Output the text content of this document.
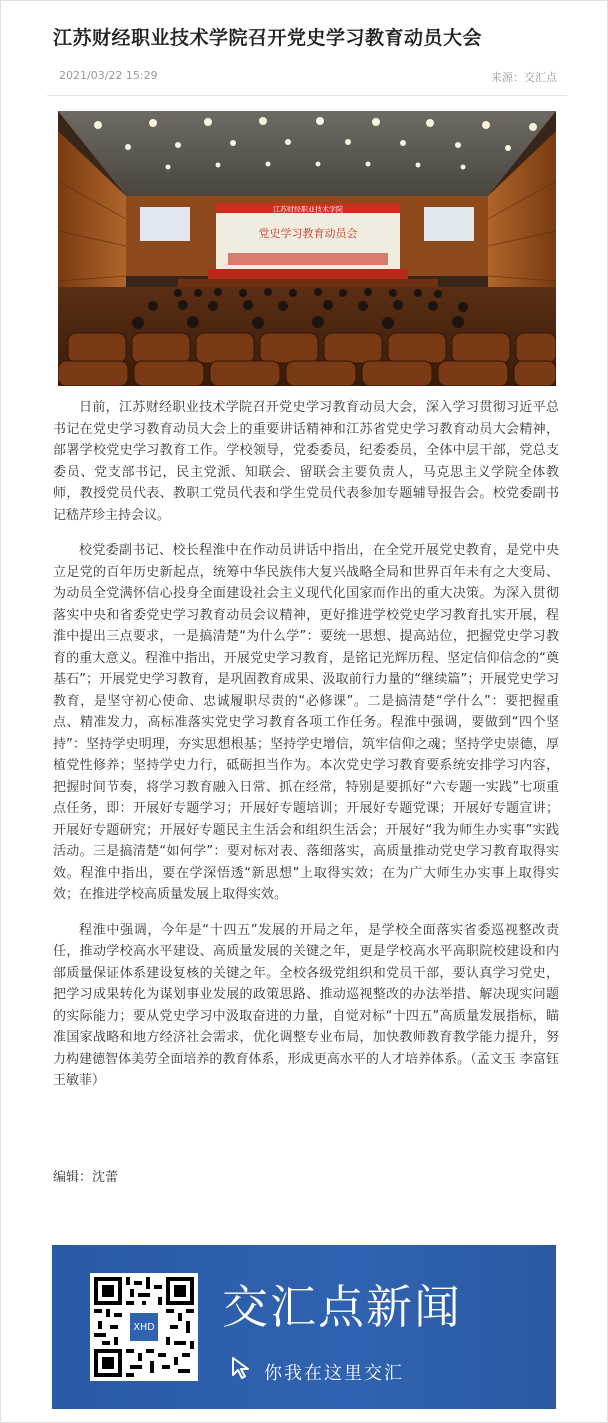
江苏财经职业技术学院召开党史学习教育动员大会
2021/03/22 15:29	来源：交汇点
江苏财经职业技术学院
党史学习教育动员会

日前，江苏财经职业技术学院召开党史学习教育动员大会，深入学习贯彻习近平总书记在党史学习教育动员大会上的重要讲话精神和江苏省党史学习教育动员大会精神，部署学校党史学习教育工作。学校领导，党委委员，纪委委员，全体中层干部，党总支委员、党支部书记，民主党派、知联会、留联会主要负责人，马克思主义学院全体教师，教授党员代表、教职工党员代表和学生党员代表参加专题辅导报告会。校党委副书记嵇芹珍主持会议。

校党委副书记、校长程淮中在作动员讲话中指出，在全党开展党史教育，是党中央立足党的百年历史新起点，统筹中华民族伟大复兴战略全局和世界百年未有之大变局、为动员全党满怀信心投身全面建设社会主义现代化国家而作出的重大决策。为深入贯彻落实中央和省委党史学习教育动员会议精神，更好推进学校党史学习教育扎实开展，程淮中提出三点要求，一是搞清楚“为什么学”：要统一思想、提高站位，把握党史学习教育的重大意义。程淮中指出，开展党史学习教育，是铭记光辉历程、坚定信仰信念的“奠基石”；开展党史学习教育，是巩固教育成果、汲取前行力量的“继续篇”；开展党史学习教育，是坚守初心使命、忠诚履职尽责的“必修课”。二是搞清楚“学什么”：要把握重点、精准发力，高标准落实党史学习教育各项工作任务。程淮中强调，要做到“四个坚持”：坚持学史明理，夯实思想根基；坚持学史增信，筑牢信仰之魂；坚持学史崇德，厚植党性修养；坚持学史力行，砥砺担当作为。本次党史学习教育要系统安排学习内容，把握时间节奏，将学习教育融入日常、抓在经常，特别是要抓好“六专题一实践”七项重点任务，即：开展好专题学习；开展好专题培训；开展好专题党课；开展好专题宣讲；开展好专题研究；开展好专题民主生活会和组织生活会；开展好“我为师生办实事”实践活动。三是搞清楚“如何学”：要对标对表、落细落实，高质量推动党史学习教育取得实效。程淮中指出，要在学深悟透“新思想”上取得实效；在为广大师生办实事上取得实效；在推进学校高质量发展上取得实效。

程淮中强调，今年是“十四五”发展的开局之年，是学校全面落实省委巡视整改责任，推动学校高水平建设、高质量发展的关键之年，更是学校高水平高职院校建设和内部质量保证体系建设复核的关键之年。全校各级党组织和党员干部，要认真学习党史，把学习成果转化为谋划事业发展的政策思路、推动巡视整改的办法举措、解决现实问题的实际能力；要从党史学习中汲取奋进的力量，自觉对标“十四五”高质量发展指标，瞄准国家战略和地方经济社会需求，优化调整专业布局，加快教师教育教学能力提升，努力构建德智体美劳全面培养的教育体系，形成更高水平的人才培养体系。（孟文玉 李富钰 王敏菲）

编辑：沈蕾
XHD 交汇点新闻
你我在这里交汇
